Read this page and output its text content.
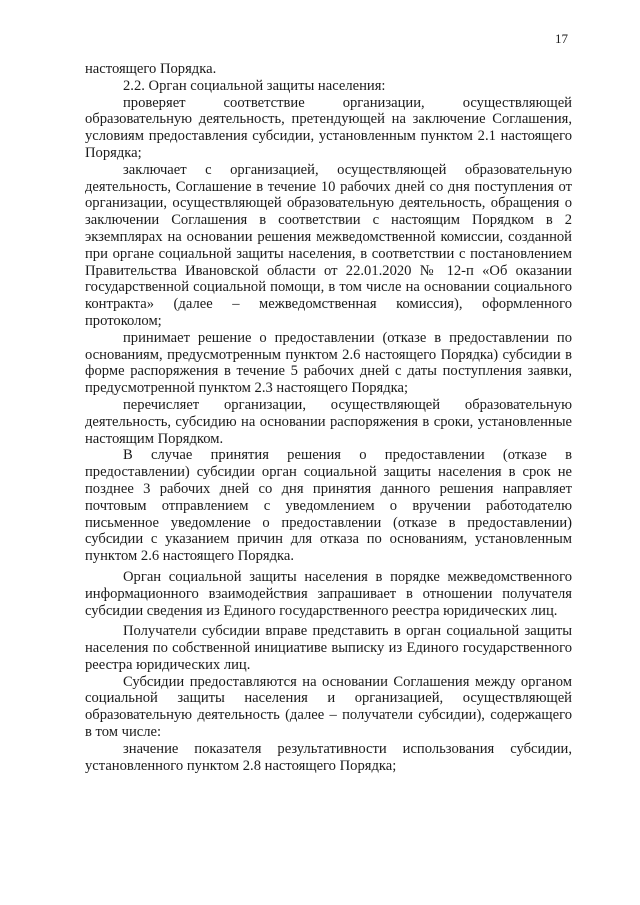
17

настоящего Порядка.

2.2. Орган социальной защиты населения:

проверяет соответствие организации, осуществляющей образовательную деятельность, претендующей на заключение Соглашения, условиям предоставления субсидии, установленным пунктом 2.1 настоящего Порядка;

заключает с организацией, осуществляющей образовательную деятельность, Соглашение в течение 10 рабочих дней со дня поступления от организации, осуществляющей образовательную деятельность, обращения о заключении Соглашения в соответствии с настоящим Порядком в 2 экземплярах на основании решения межведомственной комиссии, созданной при органе социальной защиты населения, в соответствии с постановлением Правительства Ивановской области от 22.01.2020 № 12-п «Об оказании государственной социальной помощи, в том числе на основании социального контракта» (далее – межведомственная комиссия), оформленного протоколом;

принимает решение о предоставлении (отказе в предоставлении по основаниям, предусмотренным пунктом 2.6 настоящего Порядка) субсидии в форме распоряжения в течение 5 рабочих дней с даты поступления заявки, предусмотренной пунктом 2.3 настоящего Порядка;

перечисляет организации, осуществляющей образовательную деятельность, субсидию на основании распоряжения в сроки, установленные настоящим Порядком.

В случае принятия решения о предоставлении (отказе в предоставлении) субсидии орган социальной защиты населения в срок не позднее 3 рабочих дней со дня принятия данного решения направляет почтовым отправлением с уведомлением о вручении работодателю письменное уведомление о предоставлении (отказе в предоставлении) субсидии с указанием причин для отказа по основаниям, установленным пунктом 2.6 настоящего Порядка.

Орган социальной защиты населения в порядке межведомственного информационного взаимодействия запрашивает в отношении получателя субсидии сведения из Единого государственного реестра юридических лиц.

Получатели субсидии вправе представить в орган социальной защиты населения по собственной инициативе выписку из Единого государственного реестра юридических лиц.

Субсидии предоставляются на основании Соглашения между органом социальной защиты населения и организацией, осуществляющей образовательную деятельность (далее – получатели субсидии), содержащего в том числе:

значение показателя результативности использования субсидии, установленного пунктом 2.8 настоящего Порядка;
